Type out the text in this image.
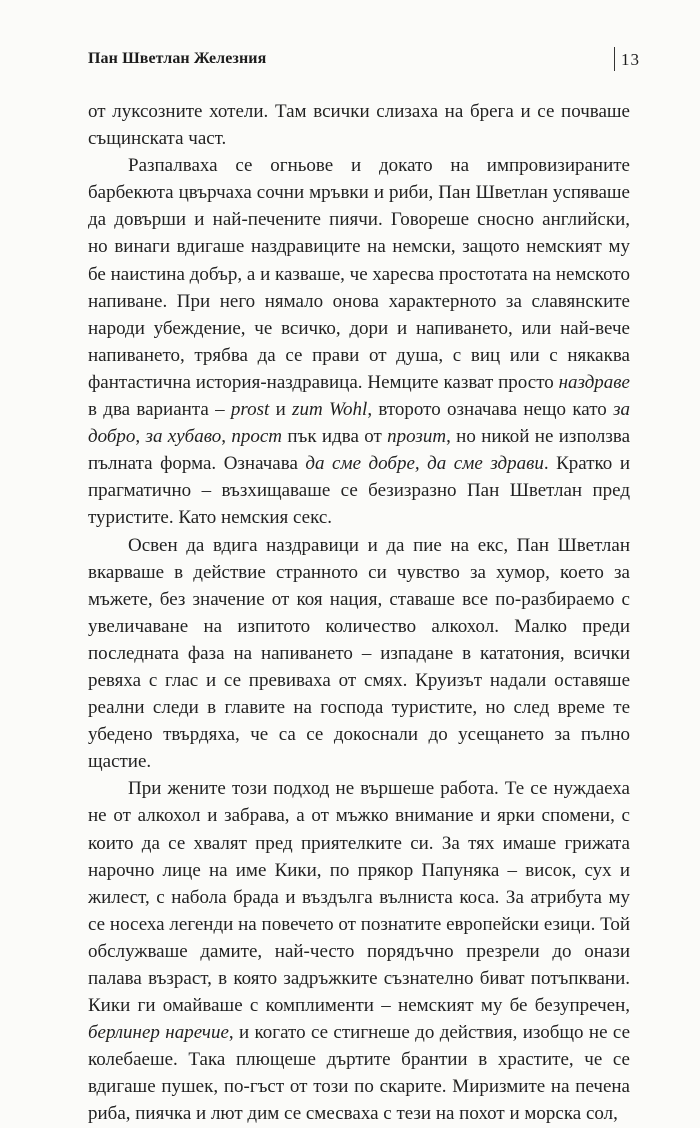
Пан Шветлан Железния	13

от луксозните хотели. Там всички слизаха на брега и се почваше същинската част.

Разпалваха се огньове и докато на импровизираните барбекюта цвърчаха сочни мръвки и риби, Пан Шветлан успяваше да довърши и най-печените пиячи. Говореше сносно английски, но винаги вдигаше наздравиците на немски, защото немският му бе наистина добър, а и казваше, че харесва простотата на немското напиване. При него нямало онова характерното за славянските народи убеждение, че всичко, дори и напиването, или най-вече напиването, трябва да се прави от душа, с виц или с някаква фантастична история-наздравица. Немците казват просто наздраве в два варианта – prost и zum Wohl, второто означава нещо като за добро, за хубаво, прост пък идва от прозит, но никой не използва пълната форма. Означава да сме добре, да сме здрави. Кратко и прагматично – възхищаваше се безизразно Пан Шветлан пред туристите. Като немския секс.

Освен да вдига наздравици и да пие на екс, Пан Шветлан вкарваше в действие странното си чувство за хумор, което за мъжете, без значение от коя нация, ставаше все по-разбираемо с увеличаване на изпитото количество алкохол. Малко преди последната фаза на напиването – изпадане в кататония, всички ревяха с глас и се превиваха от смях. Круизът надали оставяше реални следи в главите на господа туристите, но след време те убедено твърдяха, че са се докоснали до усещането за пълно щастие.

При жените този подход не вършеше работа. Те се нуждаеха не от алкохол и забрава, а от мъжко внимание и ярки спомени, с които да се хвалят пред приятелките си. За тях имаше грижата нарочно лице на име Кики, по прякор Папуняка – висок, сух и жилест, с набола брада и въздълга вълниста коса. За атрибута му се носеха легенди на повечето от познатите европейски езици. Той обслужваше дамите, най-често порядъчно презрели до онази палава възраст, в която задръжките съзнателно биват потъпквани. Кики ги омайваше с комплименти – немският му бе безупречен, берлинер наречие, и когато се стигнеше до действия, изобщо не се колебаеше. Така плющеше дъртите брантии в храстите, че се вдигаше пушек, по-гъст от този по скарите. Миризмите на печена риба, пиячка и лют дим се смесваха с тези на похот и морска сол,
